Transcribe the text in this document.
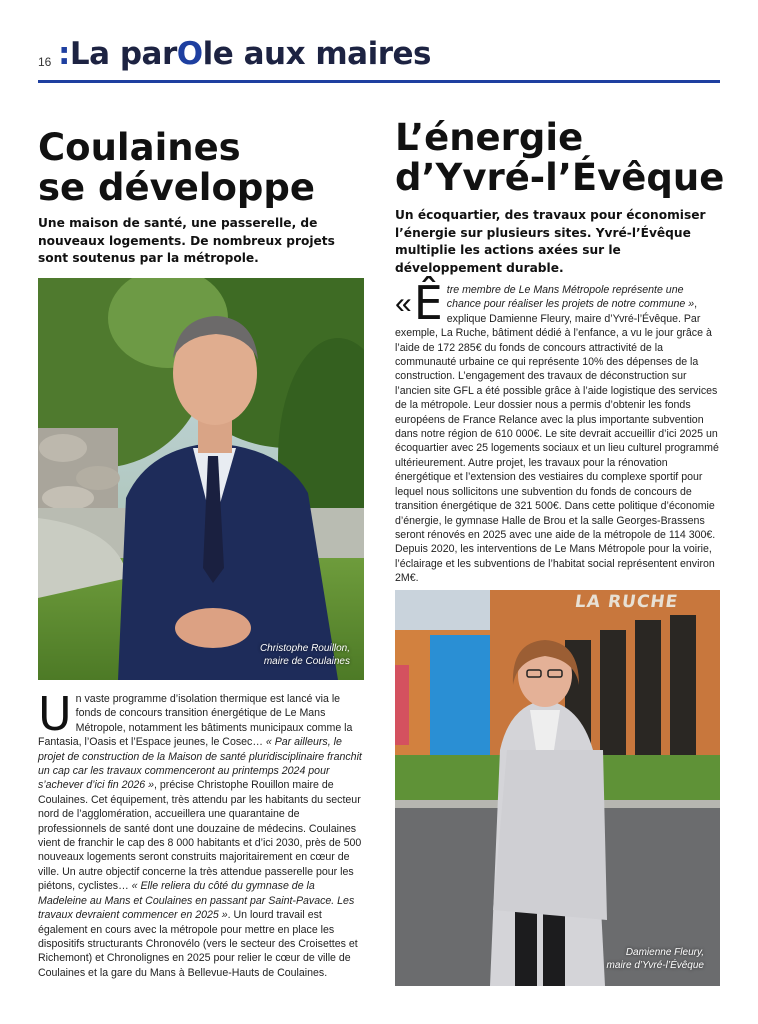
16 :La parOle aux maires
Coulaines
se développe

Une maison de santé, une passerelle, de nouveaux logements. De nombreux projets sont soutenus par la métropole.

Christophe Rouillon,
maire de Coulaines

Un vaste programme d’isolation thermique est lancé via le fonds de concours transition énergétique de Le Mans Métropole, notamment les bâtiments municipaux comme la Fantasia, l’Oasis et l’Espace jeunes, le Cosec… « Par ailleurs, le projet de construction de la Maison de santé pluridisciplinaire franchit un cap car les travaux commenceront au printemps 2024 pour s’achever d’ici fin 2026 », précise Christophe Rouillon maire de Coulaines. Cet équipement, très attendu par les habitants du secteur nord de l’agglomération, accueillera une quarantaine de professionnels de santé dont une douzaine de médecins. Coulaines vient de franchir le cap des 8 000 habitants et d’ici 2030, près de 500 nouveaux logements seront construits majoritairement en cœur de ville. Un autre objectif concerne la très attendue passerelle pour les piétons, cyclistes… « Elle reliera du côté du gymnase de la Madeleine au Mans et Coulaines en passant par Saint-Pavace. Les travaux devraient commencer en 2025 ». Un lourd travail est également en cours avec la métropole pour mettre en place les dispositifs structurants Chronovélo (vers le secteur des Croisettes et Richemont) et Chronolignes en 2025 pour relier le cœur de ville de Coulaines et la gare du Mans à Bellevue-Hauts de Coulaines.

L’énergie
d’Yvré-l’Évêque

Un écoquartier, des travaux pour économiser l’énergie sur plusieurs sites. Yvré-l’Évêque multiplie les actions axées sur le développement durable.

« Ê tre membre de Le Mans Métropole représente une chance pour réaliser les projets de notre commune », explique Damienne Fleury, maire d’Yvré-l’Évêque. Par exemple, La Ruche, bâtiment dédié à l’enfance, a vu le jour grâce à l’aide de 172 285€ du fonds de concours attractivité de la communauté urbaine ce qui représente 10% des dépenses de la construction. L’engagement des travaux de déconstruction sur l’ancien site GFL a été possible grâce à l’aide logistique des services de la métropole. Leur dossier nous a permis d’obtenir les fonds européens de France Relance avec la plus importante subvention dans notre région de 610 000€. Le site devrait accueillir d’ici 2025 un écoquartier avec 25 logements sociaux et un lieu culturel programmé ultérieurement. Autre projet, les travaux pour la rénovation énergétique et l’extension des vestiaires du complexe sportif pour lequel nous sollicitons une subvention du fonds de concours de transition énergétique de 321 500€. Dans cette politique d’économie d’énergie, le gymnase Halle de Brou et la salle Georges-Brassens seront rénovés en 2025 avec une aide de la métropole de 114 300€. Depuis 2020, les interventions de Le Mans Métropole pour la voirie, l’éclairage et les subventions de l’habitat social représentent environ 2M€.

LA RUCHE
Damienne Fleury,
maire d’Yvré-l’Évêque
